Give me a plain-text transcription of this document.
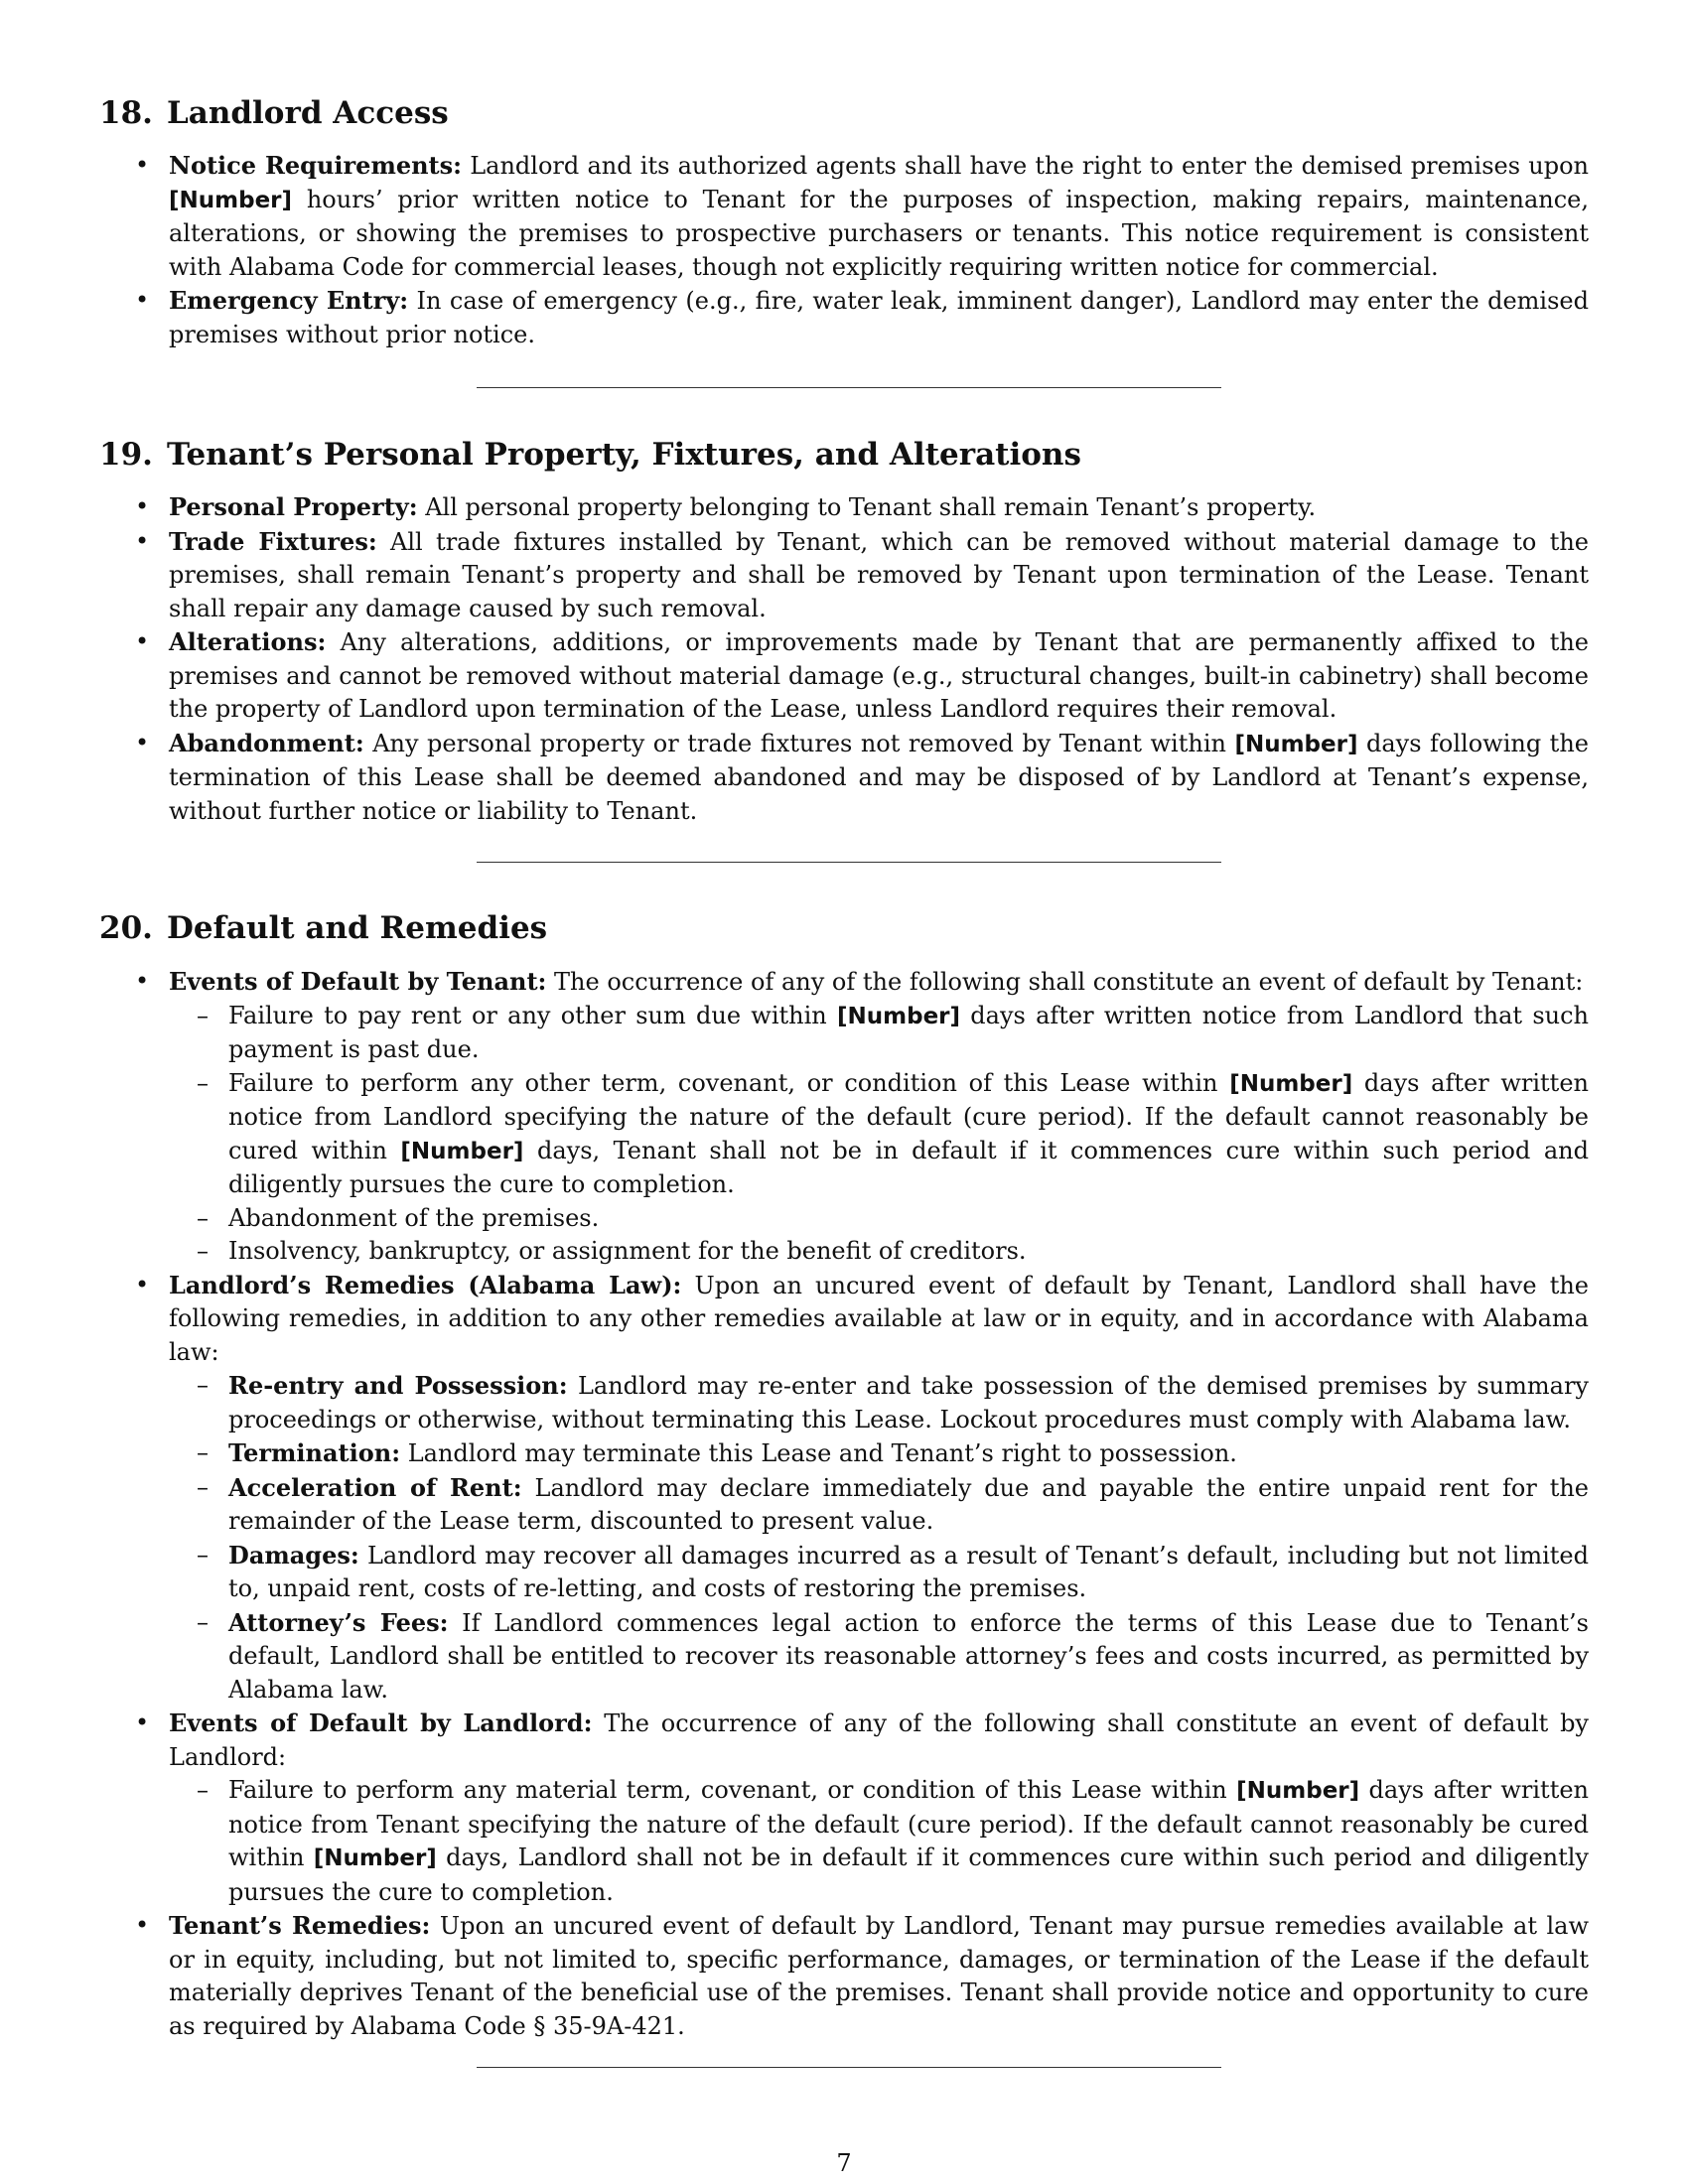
18. Landlord Access
• Notice Requirements: Landlord and its authorized agents shall have the right to enter the demised premises upon [Number] hours’ prior written notice to Tenant for the purposes of inspection, making repairs, maintenance, alterations, or showing the premises to prospective purchasers or tenants. This notice requirement is consistent with Alabama Code for commercial leases, though not explicitly requiring written notice for commercial.
• Emergency Entry: In case of emergency (e.g., fire, water leak, imminent danger), Landlord may enter the demised premises without prior notice.
19. Tenant’s Personal Property, Fixtures, and Alterations
• Personal Property: All personal property belonging to Tenant shall remain Tenant’s property.
• Trade Fixtures: All trade fixtures installed by Tenant, which can be removed without material damage to the premises, shall remain Tenant’s property and shall be removed by Tenant upon termination of the Lease. Tenant shall repair any damage caused by such removal.
• Alterations: Any alterations, additions, or improvements made by Tenant that are permanently affixed to the premises and cannot be removed without material damage (e.g., structural changes, built-in cabinetry) shall become the property of Landlord upon termination of the Lease, unless Landlord requires their removal.
• Abandonment: Any personal property or trade fixtures not removed by Tenant within [Number] days following the termination of this Lease shall be deemed abandoned and may be disposed of by Landlord at Tenant’s expense, without further notice or liability to Tenant.
20. Default and Remedies
• Events of Default by Tenant: The occurrence of any of the following shall constitute an event of default by Tenant:
– Failure to pay rent or any other sum due within [Number] days after written notice from Landlord that such payment is past due.
– Failure to perform any other term, covenant, or condition of this Lease within [Number] days after written notice from Landlord specifying the nature of the default (cure period). If the default cannot reasonably be cured within [Number] days, Tenant shall not be in default if it commences cure within such period and diligently pursues the cure to completion.
– Abandonment of the premises.
– Insolvency, bankruptcy, or assignment for the benefit of creditors.
• Landlord’s Remedies (Alabama Law): Upon an uncured event of default by Tenant, Landlord shall have the following remedies, in addition to any other remedies available at law or in equity, and in accordance with Alabama law:
– Re-entry and Possession: Landlord may re-enter and take possession of the demised premises by summary proceedings or otherwise, without terminating this Lease. Lockout procedures must comply with Alabama law.
– Termination: Landlord may terminate this Lease and Tenant’s right to possession.
– Acceleration of Rent: Landlord may declare immediately due and payable the entire unpaid rent for the remainder of the Lease term, discounted to present value.
– Damages: Landlord may recover all damages incurred as a result of Tenant’s default, including but not limited to, unpaid rent, costs of re-letting, and costs of restoring the premises.
– Attorney’s Fees: If Landlord commences legal action to enforce the terms of this Lease due to Tenant’s default, Landlord shall be entitled to recover its reasonable attorney’s fees and costs incurred, as permitted by Alabama law.
• Events of Default by Landlord: The occurrence of any of the following shall constitute an event of default by Landlord:
– Failure to perform any material term, covenant, or condition of this Lease within [Number] days after written notice from Tenant specifying the nature of the default (cure period). If the default cannot reasonably be cured within [Number] days, Landlord shall not be in default if it commences cure within such period and diligently pursues the cure to completion.
• Tenant’s Remedies: Upon an uncured event of default by Landlord, Tenant may pursue remedies available at law or in equity, including, but not limited to, specific performance, damages, or termination of the Lease if the default materially deprives Tenant of the beneficial use of the premises. Tenant shall provide notice and opportunity to cure as required by Alabama Code § 35-9A-421.
7
